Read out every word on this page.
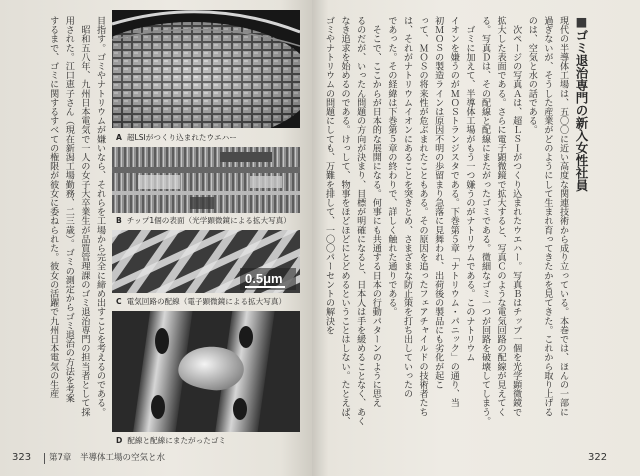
■ゴミ退治専門の新入女性社員
現代の半導体工場は、五〇〇に近い高度な関連技術から成り立っている。本巻では、ほんの一部に
過ぎないが、そうした産業がどのようにして生まれ育ってきたかを見てきた。これから取り上げる
のは、空気と水の話である。
　次ページの写真Ａは、超ＬＳＩがつくり込まれたウエハー。写真Ｂはチップ一個を光学顕微鏡で
拡大した表面である。さらに電子顕微鏡で拡大すると、写真Ｃのような電気回路の配線が見えてく
る。写真Ｄは、その配線と配線にまたがったゴミである。微細なゴミ一つが回路を破壊してしまう。
　ゴミに加えて、半導体工場がもう一つ嫌うのがナトリウムである。このナトリウム
イオンを嫌うのがＭＯＳトランジスタである。下巻第５章「ナトリウム・パニック」の通り、当
初ＭＯＳの製造ラインは原因不明の歩留まり急落に見舞われ、出荷後の製品にも劣化が起こ
って、ＭＯＳの将来性が危ぶまれたこともある。その原因を追ったフェアチャイルドの技術者たち
は、それがナトリウムイオンにあることを突きとめ、さまざまな防止策を打ち出していったの
であった。その経緯は下巻第５章の終わりで、詳しく触れた通りである。
　そこで、ここからが日本的な展開になる。何事にも共通する日本の行動パターンのように思え
るのだが、いったん問題の方向が決まり、目標が明確になると、日本人は手を緩めることなく、あく
なき追求を始めるのである。けっして、物事をほどほどにとどめるということはしない。たとえば、
ゴミやナトリウムの問題にしても、万難を排して、一〇〇パーセントの解決を
目指す。ゴミやナトリウムが嫌いなら、それらを工場から完全に締め出すことを考えるのである。
　昭和五八年、九州日本電気で一人の女子大卒業生が品質管理課のゴミ退治専門の担当者として採
用された。江口恵子さん（現在新潟工場勤務、二三歳）。ゴミの測定からゴミ退治の方法を考案
するまで、ゴミに関するすべての権限が彼女に委ねられた。彼女の活躍で九州日本電気の生産	A 超LSIがつくり込まれたウエハー
B チップ1個の表面（光学顕微鏡による拡大写真）
0.5μm
C 電気回路の配線（電子顕微鏡による拡大写真）
D 配線と配線にまたがったゴミ
323	第7章 半導体工場の空気と水	322
